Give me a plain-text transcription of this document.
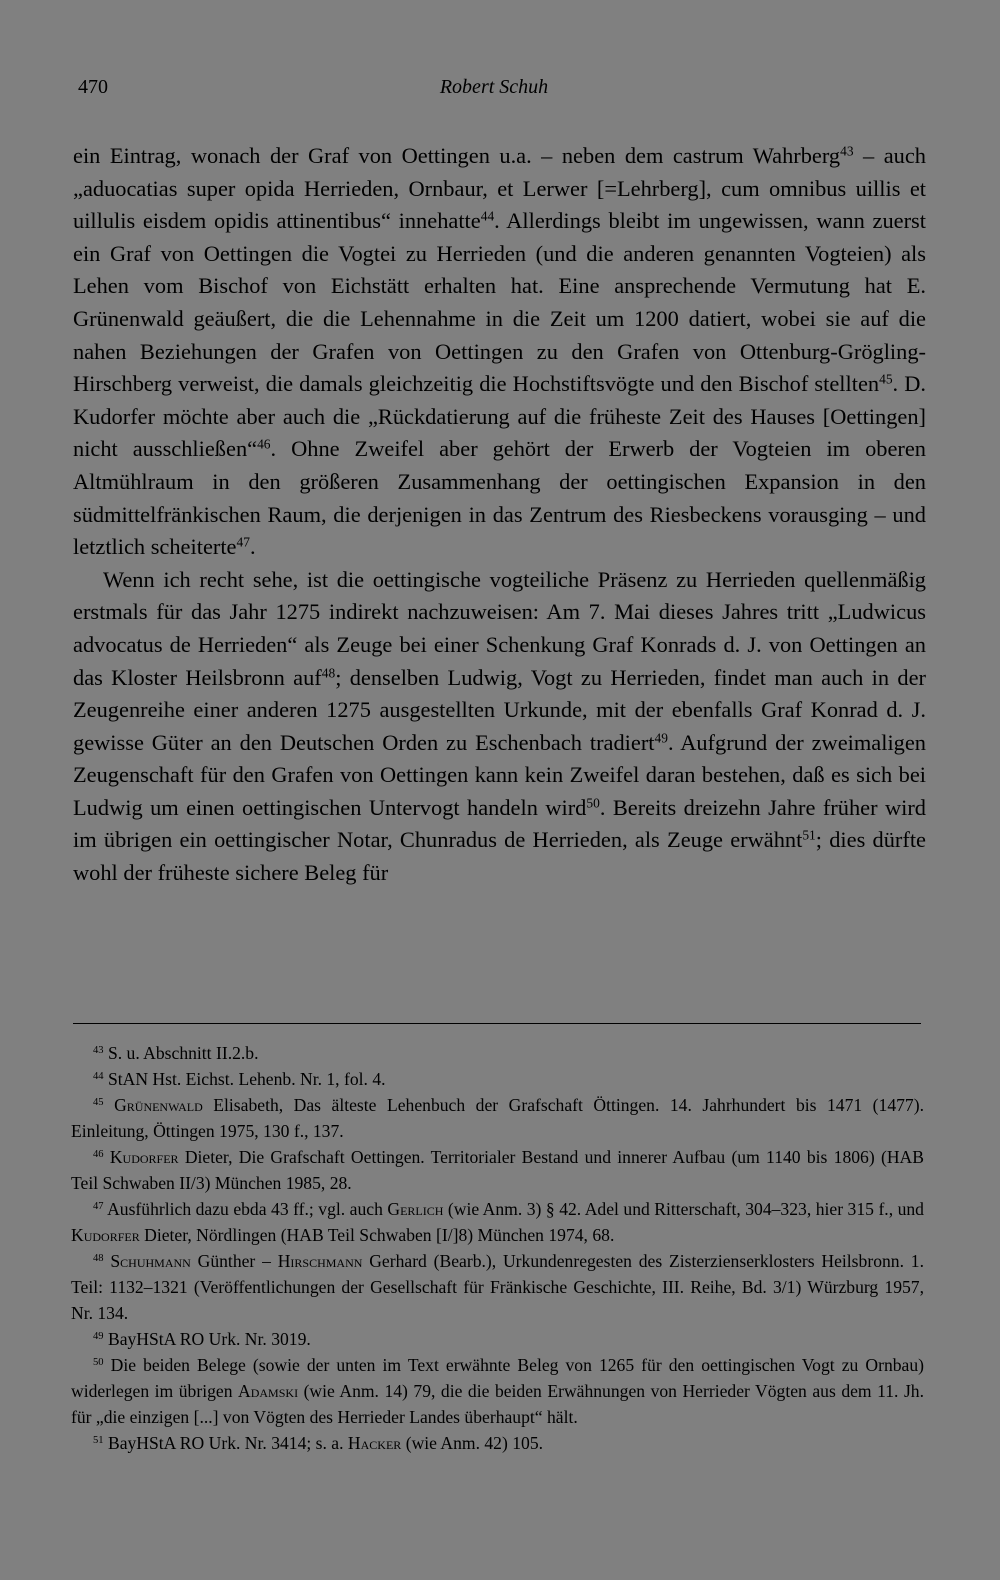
470	Robert Schuh

ein Eintrag, wonach der Graf von Oettingen u.a. – neben dem castrum Wahrberg$^{43}$ – auch „aduocatias super opida Herrieden, Ornbaur, et Lerwer [=Lehrberg], cum omnibus uillis et uillulis eisdem opidis attinentibus“ innehatte$^{44}$. Allerdings bleibt im ungewissen, wann zuerst ein Graf von Oettingen die Vogtei zu Herrieden (und die anderen genannten Vogteien) als Lehen vom Bischof von Eichstätt erhalten hat. Eine ansprechende Vermutung hat E. Grünenwald geäußert, die die Lehennahme in die Zeit um 1200 datiert, wobei sie auf die nahen Beziehungen der Grafen von Oettingen zu den Grafen von Ottenburg-Grögling-Hirschberg verweist, die damals gleichzeitig die Hochstiftsvögte und den Bischof stellten$^{45}$. D. Kudorfer möchte aber auch die „Rückdatierung auf die früheste Zeit des Hauses [Oettingen] nicht ausschließen“$^{46}$. Ohne Zweifel aber gehört der Erwerb der Vogteien im oberen Altmühlraum in den größeren Zusammenhang der oettingischen Expansion in den südmittelfränkischen Raum, die derjenigen in das Zentrum des Riesbeckens vorausging – und letztlich scheiterte$^{47}$.

Wenn ich recht sehe, ist die oettingische vogteiliche Präsenz zu Herrieden quellenmäßig erstmals für das Jahr 1275 indirekt nachzuweisen: Am 7. Mai dieses Jahres tritt „Ludwicus advocatus de Herrieden“ als Zeuge bei einer Schenkung Graf Konrads d. J. von Oettingen an das Kloster Heilsbronn auf$^{48}$; denselben Ludwig, Vogt zu Herrieden, findet man auch in der Zeugenreihe einer anderen 1275 ausgestellten Urkunde, mit der ebenfalls Graf Konrad d. J. gewisse Güter an den Deutschen Orden zu Eschenbach tradiert$^{49}$. Aufgrund der zweimaligen Zeugenschaft für den Grafen von Oettingen kann kein Zweifel daran bestehen, daß es sich bei Ludwig um einen oettingischen Untervogt handeln wird$^{50}$. Bereits dreizehn Jahre früher wird im übrigen ein oettingischer Notar, Chunradus de Herrieden, als Zeuge erwähnt$^{51}$; dies dürfte wohl der früheste sichere Beleg für

$^{43}$ S. u. Abschnitt II.2.b.

$^{44}$ StAN Hst. Eichst. Lehenb. Nr. 1, fol. 4.

$^{45}$ Grünenwald Elisabeth, Das älteste Lehenbuch der Grafschaft Öttingen. 14. Jahrhundert bis 1471 (1477). Einleitung, Öttingen 1975, 130 f., 137.

$^{46}$ Kudorfer Dieter, Die Grafschaft Oettingen. Territorialer Bestand und innerer Aufbau (um 1140 bis 1806) (HAB Teil Schwaben II/3) München 1985, 28.

$^{47}$ Ausführlich dazu ebda 43 ff.; vgl. auch Gerlich (wie Anm. 3) § 42. Adel und Ritterschaft, 304–323, hier 315 f., und Kudorfer Dieter, Nördlingen (HAB Teil Schwaben [I/]8) München 1974, 68.

$^{48}$ Schuhmann Günther – Hirschmann Gerhard (Bearb.), Urkundenregesten des Zisterzienserklosters Heilsbronn. 1. Teil: 1132–1321 (Veröffentlichungen der Gesellschaft für Fränkische Geschichte, III. Reihe, Bd. 3/1) Würzburg 1957, Nr. 134.

$^{49}$ BayHStA RO Urk. Nr. 3019.

$^{50}$ Die beiden Belege (sowie der unten im Text erwähnte Beleg von 1265 für den oettingischen Vogt zu Ornbau) widerlegen im übrigen Adamski (wie Anm. 14) 79, die die beiden Erwähnungen von Herrieder Vögten aus dem 11. Jh. für „die einzigen [...] von Vögten des Herrieder Landes überhaupt“ hält.

$^{51}$ BayHStA RO Urk. Nr. 3414; s. a. Hacker (wie Anm. 42) 105.
